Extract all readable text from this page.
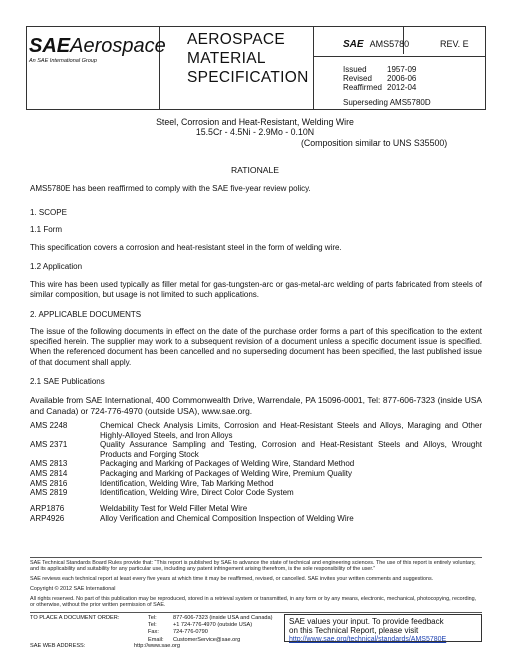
SAEAerospace
An SAE International Group
AEROSPACE
MATERIAL
SPECIFICATION
SAE AMS5780	REV. E
Issued	1957-09
Revised 2006-06
Reaffirmed 2012-04
Superseding AMS5780D
Steel, Corrosion and Heat-Resistant, Welding Wire
15.5Cr - 4.5Ni - 2.9Mo - 0.10N
(Composition similar to UNS S35500)
RATIONALE
AMS5780E has been reaffirmed to comply with the SAE five-year review policy.
1. SCOPE
1.1 Form
This specification covers a corrosion and heat-resistant steel in the form of welding wire.
1.2 Application
This wire has been used typically as filler metal for gas-tungsten-arc or gas-metal-arc welding of parts fabricated from steels of similar composition, but usage is not limited to such applications.
2. APPLICABLE DOCUMENTS
The issue of the following documents in effect on the date of the purchase order forms a part of this specification to the extent specified herein. The supplier may work to a subsequent revision of a document unless a specific document issue is specified. When the referenced document has been cancelled and no superseding document has been specified, the last published issue of that document shall apply.
2.1 SAE Publications
Available from SAE International, 400 Commonwealth Drive, Warrendale, PA 15096-0001, Tel: 877-606-7323 (inside USA and Canada) or 724-776-4970 (outside USA), www.sae.org.
AMS 2248	Chemical Check Analysis Limits, Corrosion and Heat-Resistant Steels and Alloys, Maraging and Other Highly-Alloyed Steels, and Iron Alloys
AMS 2371	Quality Assurance Sampling and Testing, Corrosion and Heat-Resistant Steels and Alloys, Wrought Products and Forging Stock
AMS 2813	Packaging and Marking of Packages of Welding Wire, Standard Method
AMS 2814	Packaging and Marking of Packages of Welding Wire, Premium Quality
AMS 2816	Identification, Welding Wire, Tab Marking Method
AMS 2819	Identification, Welding Wire, Direct Color Code System
ARP1876	Weldability Test for Weld Filler Metal Wire
ARP4926	Alloy Verification and Chemical Composition Inspection of Welding Wire
SAE Technical Standards Board Rules provide that: “This report is published by SAE to advance the state of technical and engineering sciences. The use of this report is entirely voluntary, and its applicability and suitability for any particular use, including any patent infringement arising therefrom, is the sole responsibility of the user.”
SAE reviews each technical report at least every five years at which time it may be reaffirmed, revised, or cancelled. SAE invites your written comments and suggestions.
Copyright © 2012 SAE International
All rights reserved. No part of this publication may be reproduced, stored in a retrieval system or transmitted, in any form or by any means, electronic, mechanical, photocopying, recording, or otherwise, without the prior written permission of SAE.
TO PLACE A DOCUMENT ORDER:	Tel:	877-606-7323 (inside USA and Canada)
Tel:	+1 724-776-4970 (outside USA)
Fax:	724-776-0790
Email: CustomerService@sae.org
SAE values your input. To provide feedback
on this Technical Report, please visit
http://www.sae.org/technical/standards/AMS5780E
SAE WEB ADDRESS:	http://www.sae.org
